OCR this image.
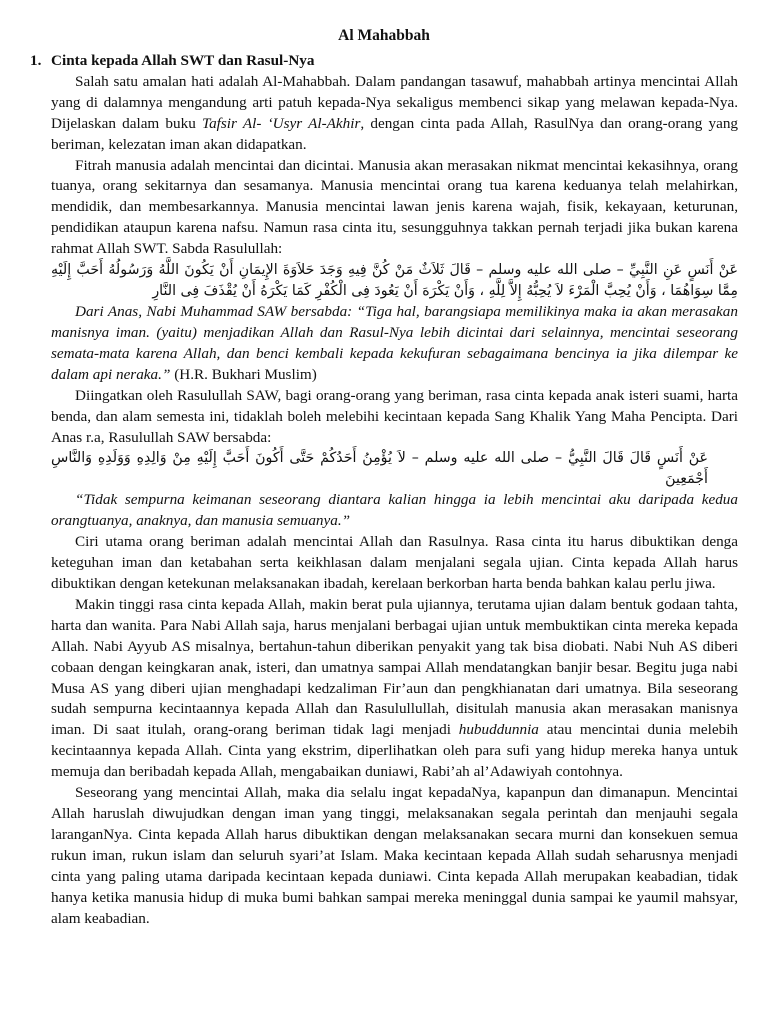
Al Mahabbah
1. Cinta kepada Allah SWT dan Rasul-Nya

Salah satu amalan hati adalah Al-Mahabbah. Dalam pandangan tasawuf, mahabbah artinya mencintai Allah yang di dalamnya mengandung arti patuh kepada-Nya sekaligus membenci sikap yang melawan kepada-Nya. Dijelaskan dalam buku Tafsir Al- ‘Usyr Al-Akhir, dengan cinta pada Allah, RasulNya dan orang-orang yang beriman, kelezatan iman akan didapatkan.

Fitrah manusia adalah mencintai dan dicintai. Manusia akan merasakan nikmat mencintai kekasihnya, orang tuanya, orang sekitarnya dan sesamanya. Manusia mencintai orang tua karena keduanya telah melahirkan, mendidik, dan membesarkannya. Manusia mencintai lawan jenis karena wajah, fisik, kekayaan, keturunan, pendidikan ataupun karena nafsu. Namun rasa cinta itu, sesungguhnya takkan pernah terjadi jika bukan karena rahmat Allah SWT. Sabda Rasulullah:

عَنْ أَنَسٍ عَنِ النَّبِيِّ – صلى الله عليه وسلم – قَالَ ثَلاَثٌ مَنْ كُنَّ فِيهِ وَجَدَ حَلاَوَةَ الإِيمَانِ أَنْ يَكُونَ اللَّهُ وَرَسُولُهُ أَحَبَّ إِلَيْهِ مِمَّا سِوَاهُمَا ، وَأَنْ يُحِبَّ الْمَرْءَ لاَ يُحِبُّهُ إِلاَّ لِلَّهِ ، وَأَنْ يَكْرَهَ أَنْ يَعُودَ فِى الْكُفْرِ كَمَا يَكْرَهُ أَنْ يُقْذَفَ فِى النَّارِ

Dari Anas, Nabi Muhammad SAW bersabda: “Tiga hal, barangsiapa memilikinya maka ia akan merasakan manisnya iman. (yaitu) menjadikan Allah dan Rasul-Nya lebih dicintai dari selainnya, mencintai seseorang semata-mata karena Allah, dan benci kembali kepada kekufuran sebagaimana bencinya ia jika dilempar ke dalam api neraka.” (H.R. Bukhari Muslim)

Diingatkan oleh Rasulullah SAW, bagi orang-orang yang beriman, rasa cinta kepada anak isteri suami, harta benda, dan alam semesta ini, tidaklah boleh melebihi kecintaan kepada Sang Khalik Yang Maha Pencipta. Dari Anas r.a, Rasulullah SAW bersabda:

عَنْ أَنَسٍ قَالَ قَالَ النَّبِيُّ – صلى الله عليه وسلم – لاَ يُؤْمِنُ أَحَدُكُمْ حَتَّى أَكُونَ أَحَبَّ إِلَيْهِ مِنْ وَالِدِهِ وَوَلَدِهِ وَالنَّاسِ أَجْمَعِينَ

“Tidak sempurna keimanan seseorang diantara kalian hingga ia lebih mencintai aku daripada kedua orangtuanya, anaknya, dan manusia semuanya.”

Ciri utama orang beriman adalah mencintai Allah dan Rasulnya. Rasa cinta itu harus dibuktikan denga keteguhan iman dan ketabahan serta keikhlasan dalam menjalani segala ujian. Cinta kepada Allah harus dibuktikan dengan ketekunan melaksanakan ibadah, kerelaan berkorban harta benda bahkan kalau perlu jiwa.

Makin tinggi rasa cinta kepada Allah, makin berat pula ujiannya, terutama ujian dalam bentuk godaan tahta, harta dan wanita. Para Nabi Allah saja, harus menjalani berbagai ujian untuk membuktikan cinta mereka kepada Allah. Nabi Ayyub AS misalnya, bertahun-tahun diberikan penyakit yang tak bisa diobati. Nabi Nuh AS diberi cobaan dengan keingkaran anak, isteri, dan umatnya sampai Allah mendatangkan banjir besar. Begitu juga nabi Musa AS yang diberi ujian menghadapi kedzaliman Fir’aun dan pengkhianatan dari umatnya. Bila seseorang sudah sempurna kecintaannya kepada Allah dan Rasulullullah, disitulah manusia akan merasakan manisnya iman. Di saat itulah, orang-orang beriman tidak lagi menjadi hubuddunnia atau mencintai dunia melebih kecintaannya kepada Allah. Cinta yang ekstrim, diperlihatkan oleh para sufi yang hidup mereka hanya untuk memuja dan beribadah kepada Allah, mengabaikan duniawi, Rabi’ah al’Adawiyah contohnya.

Seseorang yang mencintai Allah, maka dia selalu ingat kepadaNya, kapanpun dan dimanapun. Mencintai Allah haruslah diwujudkan dengan iman yang tinggi, melaksanakan segala perintah dan menjauhi segala laranganNya. Cinta kepada Allah harus dibuktikan dengan melaksanakan secara murni dan konsekuen semua rukun iman, rukun islam dan seluruh syari’at Islam. Maka kecintaan kepada Allah sudah seharusnya menjadi cinta yang paling utama daripada kecintaan kepada duniawi. Cinta kepada Allah merupakan keabadian, tidak hanya ketika manusia hidup di muka bumi bahkan sampai mereka meninggal dunia sampai ke yaumil mahsyar, alam keabadian.
